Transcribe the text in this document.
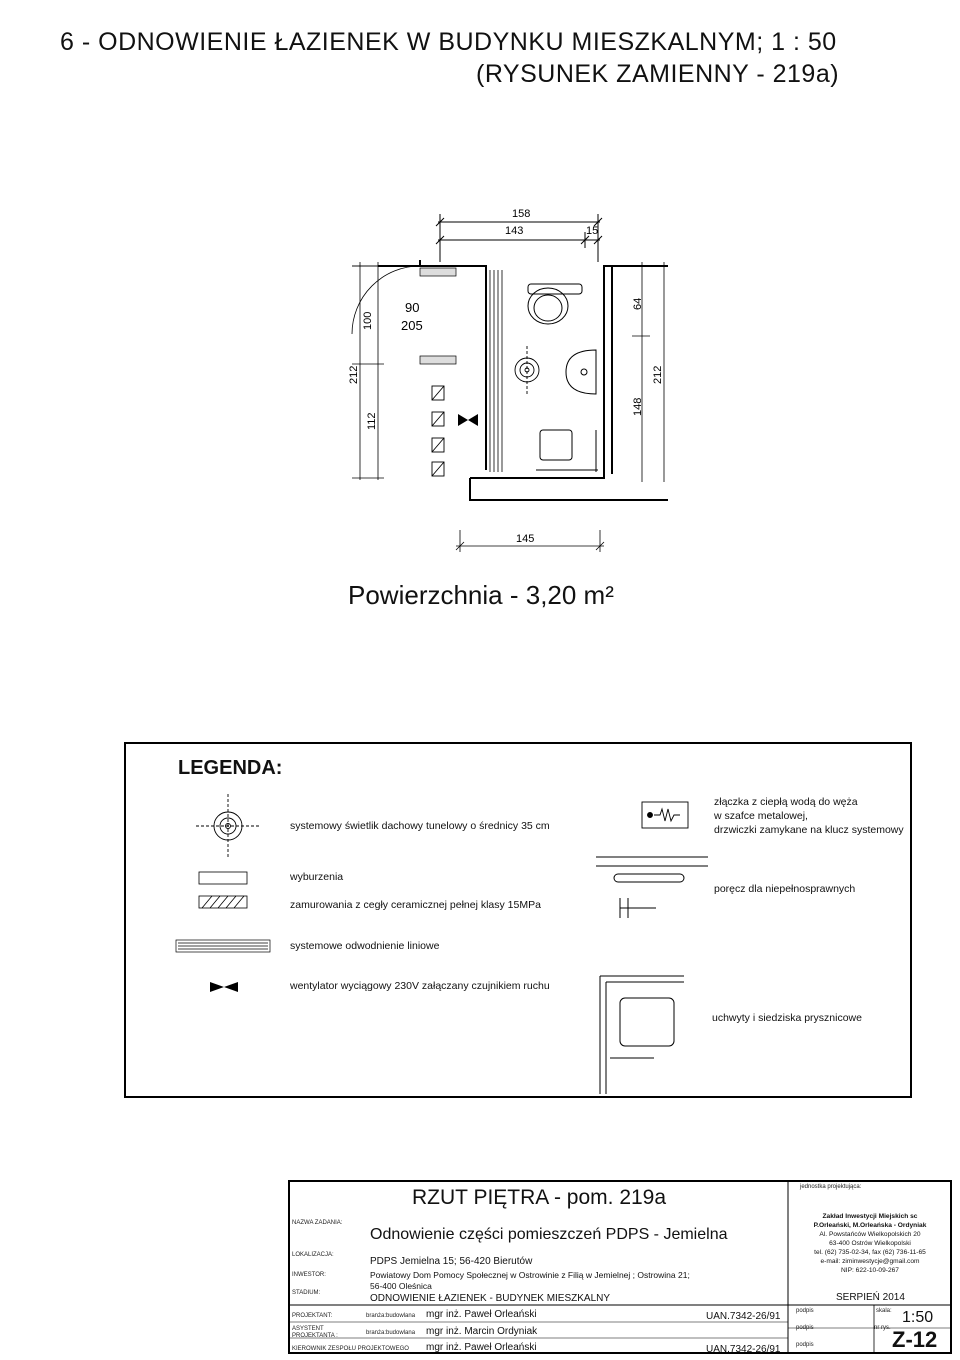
6 - ODNOWIENIE ŁAZIENEK W BUDYNKU MIESZKALNYM; 1 : 50
(RYSUNEK ZAMIENNY - 219a)
158
143	15
100
212
112
64
148
212
145
90
205
Powierzchnia - 3,20 m²
LEGENDA:
systemowy świetlik dachowy tunelowy o średnicy 35 cm
złączka z ciepłą wodą do węża
w szafce metalowej,
drzwiczki zamykane na klucz systemowy
wyburzenia
zamurowania z cegły ceramicznej pełnej klasy 15MPa
poręcz dla niepełnosprawnych
systemowe odwodnienie liniowe
wentylator wyciągowy 230V załączany czujnikiem ruchu
uchwyty i siedziska prysznicowe
RZUT PIĘTRA - pom. 219a	jednostka projektująca:
NAZWA ZADANIA:
Odnowienie części pomieszczeń PDPS - Jemielna
LOKALIZACJA:
PDPS Jemielna 15; 56-420 Bierutów
INWESTOR:	Powiatowy Dom Pomocy Społecznej w Ostrowinie z Filią w Jemielnej ; Ostrowina 21;
56-400 Oleśnica
STADIUM:	ODNOWIENIE ŁAZIENEK - BUDYNEK MIESZKALNY
Zakład Inwestycji Miejskich sc
P.Orleański, M.Orleańska - Ordyniak
Al. Powstańców Wielkopolskich 20
63-400 Ostrów Wielkopolski
tel. (62) 735-02-34, fax (62) 736-11-65
e-mail: ziminwestycje@gmail.com
NIP: 622-10-09-267
SERPIEŃ 2014
PROJEKTANT:	branża: budowlana mgr inż. Paweł Orleański	UAN.7342-26/91	podpis	skala: 1:50
ASYSTENT
PROJEKTANTA :	branża: budowlana mgr inż. Marcin Ordyniak	podpis	nr rys. Z-12
KIEROWNIK ZESPOŁU PROJEKTOWEGO mgr inż. Paweł Orleański	UAN.7342-26/91	podpis
